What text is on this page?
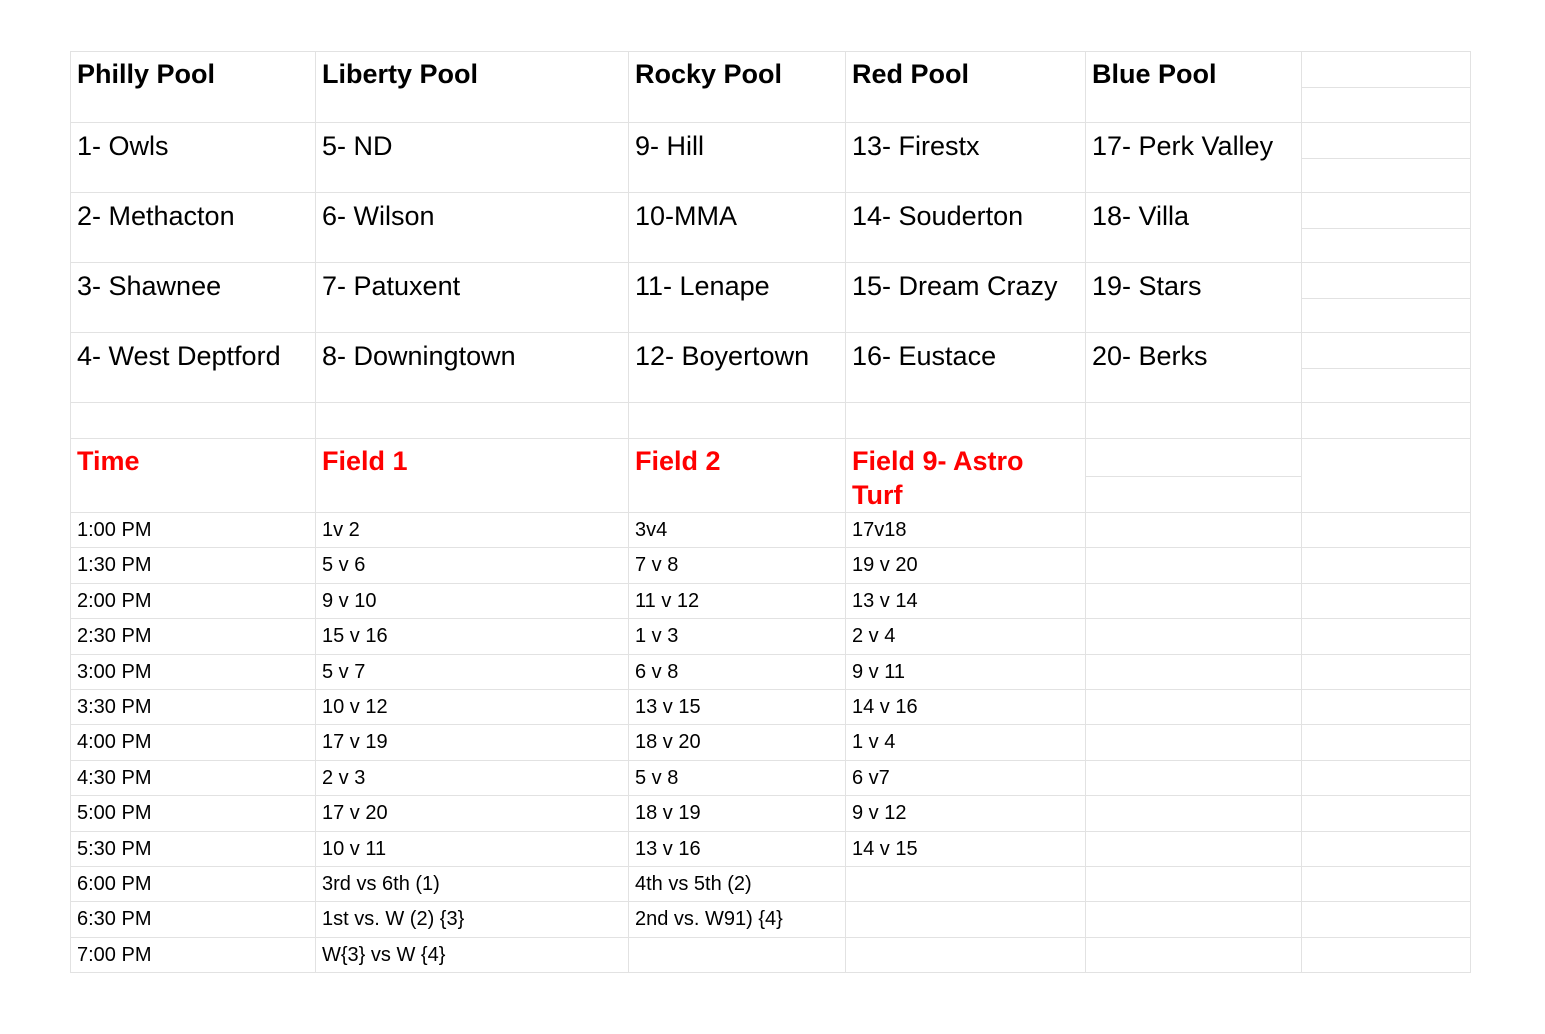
Philly Pool	Liberty Pool	Rocky Pool	Red Pool	Blue Pool	

1- Owls	5- ND	9- Hill	13- Firestx	17- Perk Valley	

2- Methacton	6- Wilson	10-MMA	14- Souderton	18- Villa	

3- Shawnee	7- Patuxent	11- Lenape	15- Dream Crazy	19- Stars	

4- West Deptford	8- Downingtown	12- Boyertown	16- Eustace	20- Berks	

Time	Field 1	Field 2	Field 9- Astro Turf		

1:00 PM	1v 2	3v4	17v18		

1:30 PM	5 v 6	7 v 8	19 v 20		

2:00 PM	9 v 10	11 v 12	13 v 14		

2:30 PM	15 v 16	1 v 3	2 v 4		

3:00 PM	5 v 7	6 v 8	9 v 11		

3:30 PM	10 v 12	13 v 15	14 v 16		

4:00 PM	17 v 19	18 v 20	1 v 4		

4:30 PM	2 v 3	5 v 8	6 v7		

5:00 PM	17 v 20	18 v 19	9 v 12		

5:30 PM	10 v 11	13 v 16	14 v 15		

6:00 PM	3rd vs 6th (1)	4th vs 5th (2)			

6:30 PM	1st vs. W (2) {3}	2nd vs. W91) {4}			

7:00 PM	W{3} vs W {4}				
